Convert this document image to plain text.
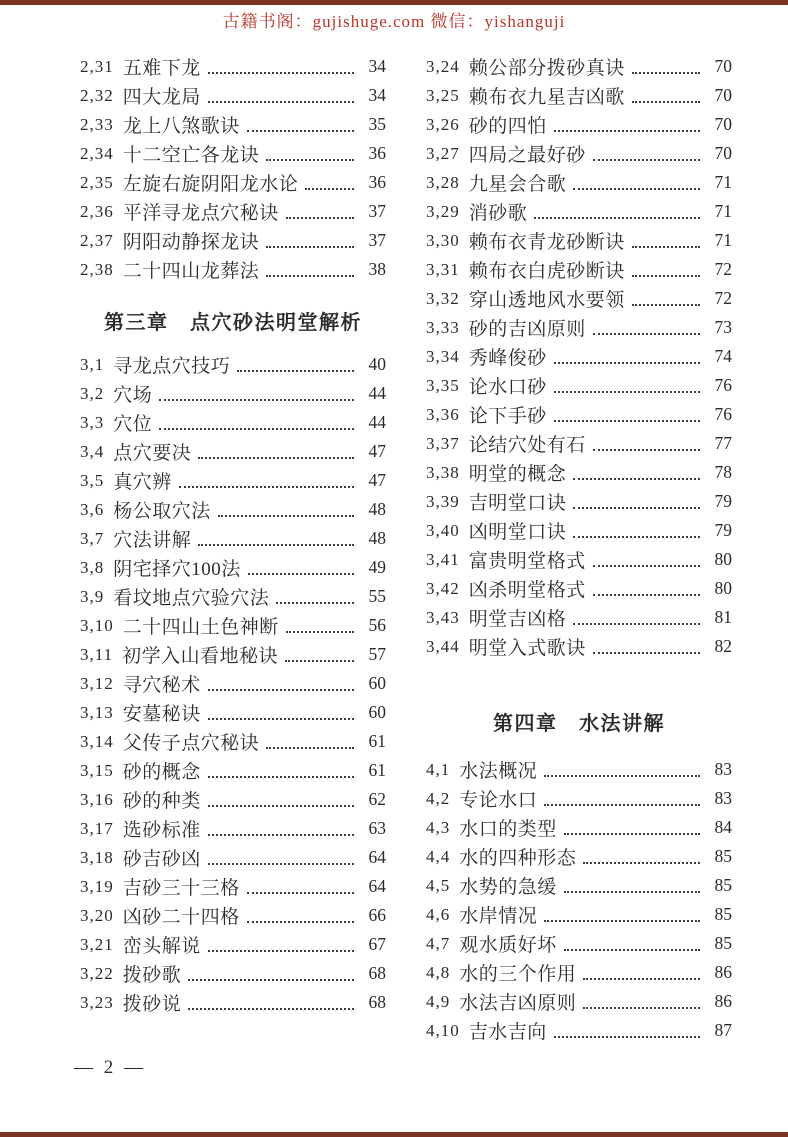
古籍书阁：gujishuge.com 微信：yishanguji
2,31 五难下龙	34
2,32 四大龙局	34
2,33 龙上八煞歌诀	35
2,34 十二空亡各龙诀	36
2,35 左旋右旋阴阳龙水论	36
2,36 平洋寻龙点穴秘诀	37
2,37 阴阳动静探龙诀	37
2,38 二十四山龙葬法	38
第三章　点穴砂法明堂解析
3,1 寻龙点穴技巧	40
3,2 穴场	44
3,3 穴位	44
3,4 点穴要决	47
3,5 真穴辨	47
3,6 杨公取穴法	48
3,7 穴法讲解	48
3,8 阴宅择穴100法	49
3,9 看坟地点穴验穴法	55
3,10 二十四山土色神断	56
3,11 初学入山看地秘诀	57
3,12 寻穴秘术	60
3,13 安墓秘诀	60
3,14 父传子点穴秘诀	61
3,15 砂的概念	61
3,16 砂的种类	62
3,17 选砂标准	63
3,18 砂吉砂凶	64
3,19 吉砂三十三格	64
3,20 凶砂二十四格	66
3,21 峦头解说	67
3,22 拨砂歌	68
3,23 拨砂说	68
3,24 赖公部分拨砂真诀	70
3,25 赖布衣九星吉凶歌	70
3,26 砂的四怕	70
3,27 四局之最好砂	70
3,28 九星会合歌	71
3,29 消砂歌	71
3,30 赖布衣青龙砂断诀	71
3,31 赖布衣白虎砂断诀	72
3,32 穿山透地风水要领	72
3,33 砂的吉凶原则	73
3,34 秀峰俊砂	74
3,35 论水口砂	76
3,36 论下手砂	76
3,37 论结穴处有石	77
3,38 明堂的概念	78
3,39 吉明堂口诀	79
3,40 凶明堂口诀	79
3,41 富贵明堂格式	80
3,42 凶杀明堂格式	80
3,43 明堂吉凶格	81
3,44 明堂入式歌诀	82
第四章　水法讲解
4,1 水法概况	83
4,2 专论水口	83
4,3 水口的类型	84
4,4 水的四种形态	85
4,5 水势的急缓	85
4,6 水岸情况	85
4,7 观水质好坏	85
4,8 水的三个作用	86
4,9 水法吉凶原则	86
4,10 吉水吉向	87
— 2 —
